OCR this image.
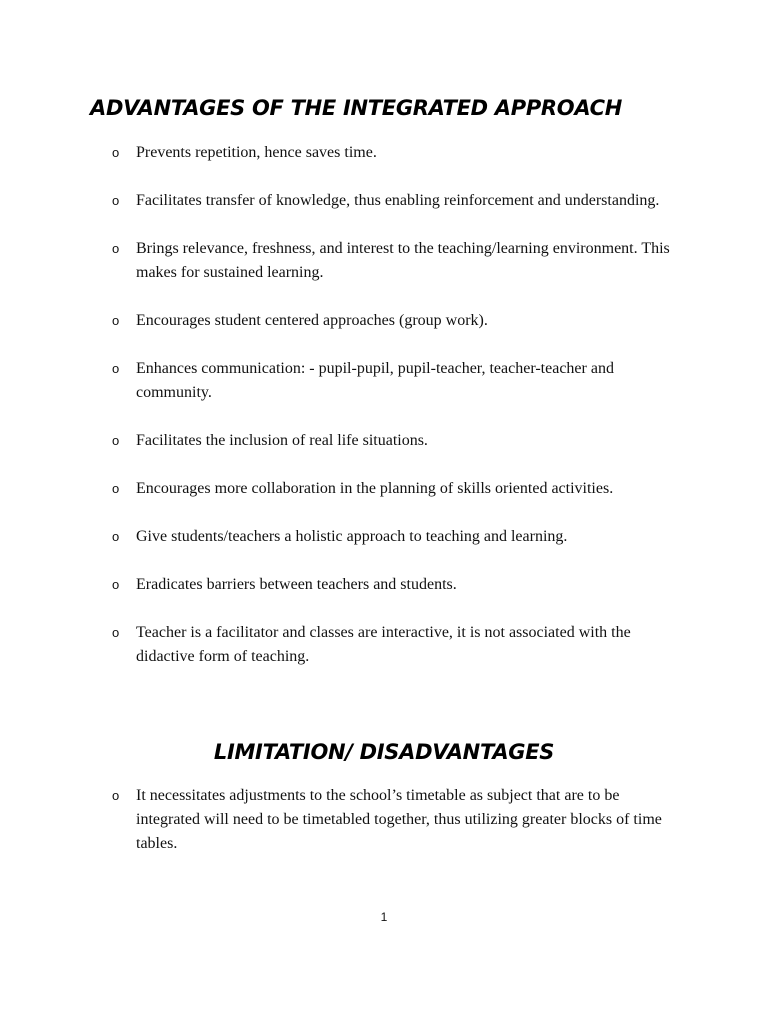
ADVANTAGES OF THE INTEGRATED APPROACH
o Prevents repetition, hence saves time.
o Facilitates transfer of knowledge, thus enabling reinforcement and understanding.
o Brings relevance, freshness, and interest to the teaching/learning environment. This makes for sustained learning.
o Encourages student centered approaches (group work).
o Enhances communication: - pupil-pupil, pupil-teacher, teacher-teacher and community.
o Facilitates the inclusion of real life situations.
o Encourages more collaboration in the planning of skills oriented activities.
o Give students/teachers a holistic approach to teaching and learning.
o Eradicates barriers between teachers and students.
o Teacher is a facilitator and classes are interactive, it is not associated with the didactive form of teaching.
LIMITATION/ DISADVANTAGES
o It necessitates adjustments to the school’s timetable as subject that are to be integrated will need to be timetabled together, thus utilizing greater blocks of time tables.
1
